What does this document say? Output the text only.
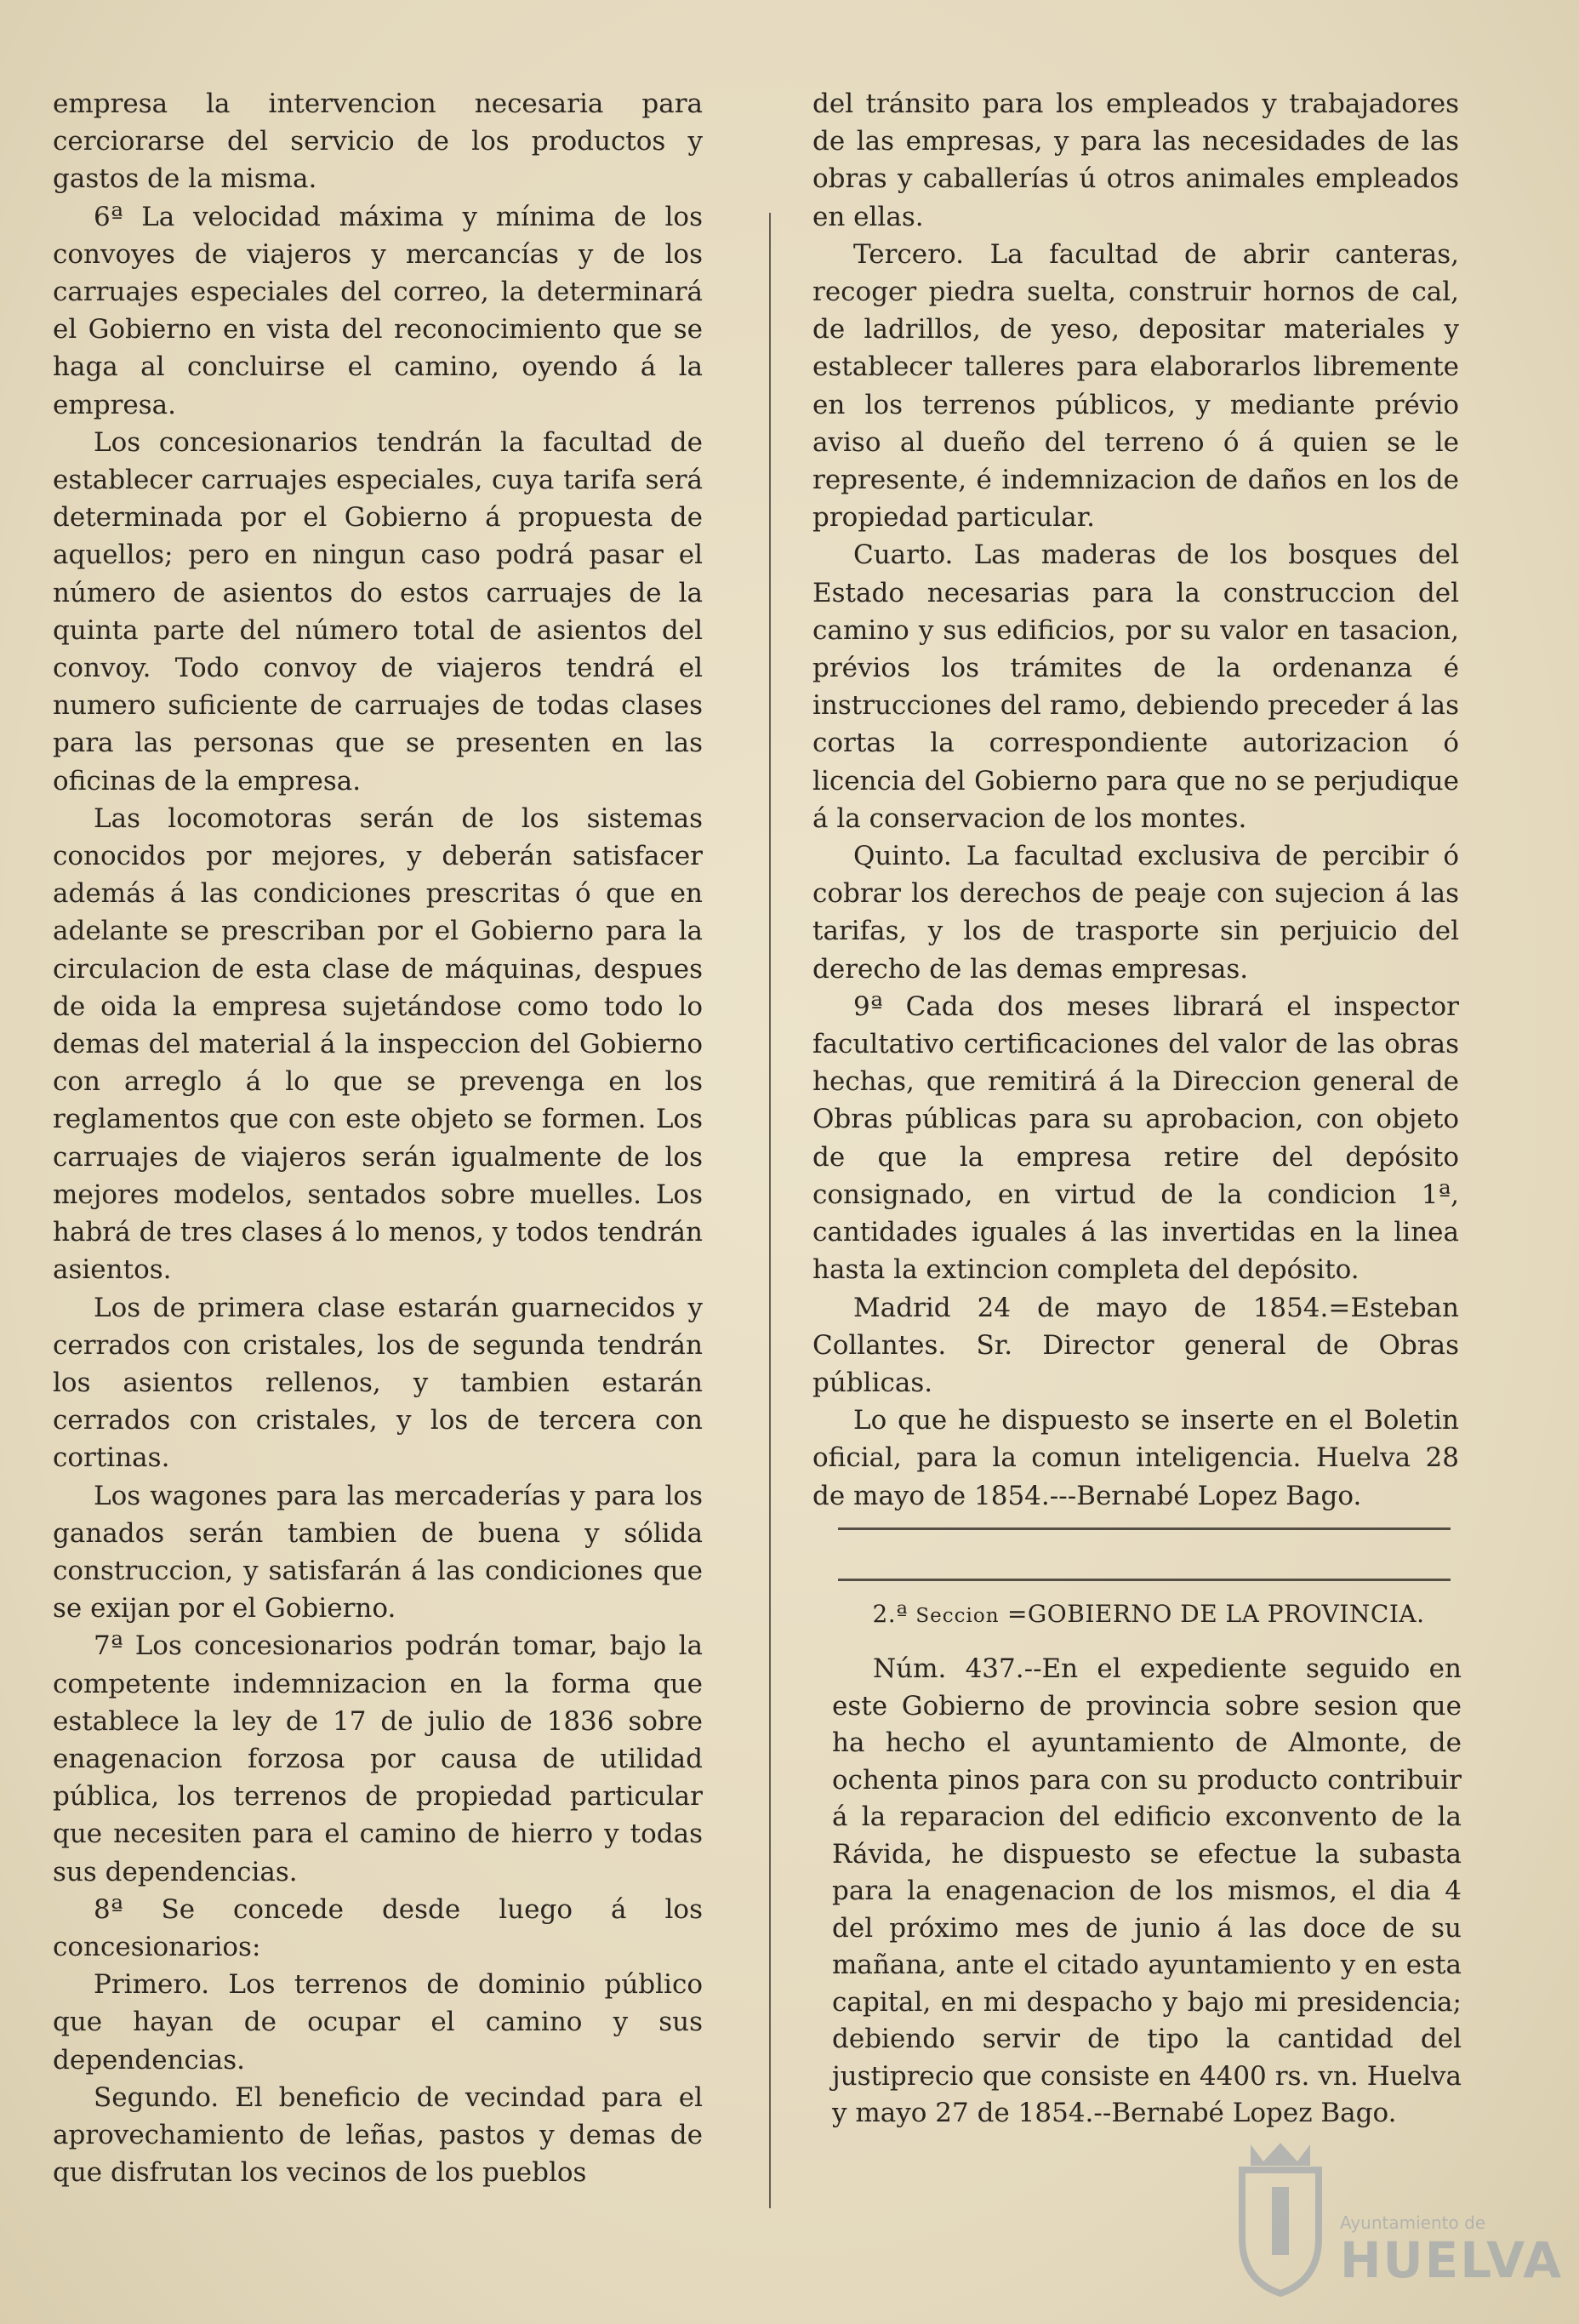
empresa la intervencion necesaria para cerciorarse del servicio de los productos y gastos de la misma.

6ª La velocidad máxima y mínima de los convoyes de viajeros y mercancías y de los carruajes especiales del correo, la determinará el Gobierno en vista del reconocimiento que se haga al concluirse el camino, oyendo á la empresa.

Los concesionarios tendrán la facultad de establecer carruajes especiales, cuya tarifa será determinada por el Gobierno á propuesta de aquellos; pero en ningun caso podrá pasar el número de asientos do estos carruajes de la quinta parte del número total de asientos del convoy. Todo convoy de viajeros tendrá el numero suficiente de carruajes de todas clases para las personas que se presenten en las oficinas de la empresa.

Las locomotoras serán de los sistemas conocidos por mejores, y deberán satisfacer además á las condiciones prescritas ó que en adelante se prescriban por el Gobierno para la circulacion de esta clase de máquinas, despues de oida la empresa sujetándose como todo lo demas del material á la inspeccion del Gobierno con arreglo á lo que se prevenga en los reglamentos que con este objeto se formen. Los carruajes de viajeros serán igualmente de los mejores modelos, sentados sobre muelles. Los habrá de tres clases á lo menos, y todos tendrán asientos.

Los de primera clase estarán guarnecidos y cerrados con cristales, los de segunda tendrán los asientos rellenos, y tambien estarán cerrados con cristales, y los de tercera con cortinas.

Los wagones para las mercaderías y para los ganados serán tambien de buena y sólida construccion, y satisfarán á las condiciones que se exijan por el Gobierno.

7ª Los concesionarios podrán tomar, bajo la competente indemnizacion en la forma que establece la ley de 17 de julio de 1836 sobre enagenacion forzosa por causa de utilidad pública, los terrenos de propiedad particular que necesiten para el camino de hierro y todas sus dependencias.

8ª Se concede desde luego á los concesionarios:

Primero. Los terrenos de dominio público que hayan de ocupar el camino y sus dependencias.

Segundo. El beneficio de vecindad para el aprovechamiento de leñas, pastos y demas de que disfrutan los vecinos de los pueblos

del tránsito para los empleados y trabajadores de las empresas, y para las necesidades de las obras y caballerías ú otros animales empleados en ellas.

Tercero. La facultad de abrir canteras, recoger piedra suelta, construir hornos de cal, de ladrillos, de yeso, depositar materiales y establecer talleres para elaborarlos libremente en los terrenos públicos, y mediante prévio aviso al dueño del terreno ó á quien se le represente, é indemnizacion de daños en los de propiedad particular.

Cuarto. Las maderas de los bosques del Estado necesarias para la construccion del camino y sus edificios, por su valor en tasacion, prévios los trámites de la ordenanza é instrucciones del ramo, debiendo preceder á las cortas la correspondiente autorizacion ó licencia del Gobierno para que no se perjudique á la conservacion de los montes.

Quinto. La facultad exclusiva de percibir ó cobrar los derechos de peaje con sujecion á las tarifas, y los de trasporte sin perjuicio del derecho de las demas empresas.

9ª Cada dos meses librará el inspector facultativo certificaciones del valor de las obras hechas, que remitirá á la Direccion general de Obras públicas para su aprobacion, con objeto de que la empresa retire del depósito consignado, en virtud de la condicion 1ª, cantidades iguales á las invertidas en la linea hasta la extincion completa del depósito.

Madrid 24 de mayo de 1854.=Esteban Collantes. Sr. Director general de Obras públicas.

Lo que he dispuesto se inserte en el Boletin oficial, para la comun inteligencia. Huelva 28 de mayo de 1854.---Bernabé Lopez Bago.

2.ª Seccion =GOBIERNO DE LA PROVINCIA.

Núm. 437.--En el expediente seguido en este Gobierno de provincia sobre sesion que ha hecho el ayuntamiento de Almonte, de ochenta pinos para con su producto contribuir á la reparacion del edificio exconvento de la Rávida, he dispuesto se efectue la subasta para la enagenacion de los mismos, el dia 4 del próximo mes de junio á las doce de su mañana, ante el citado ayuntamiento y en esta capital, en mi despacho y bajo mi presidencia; debiendo servir de tipo la cantidad del justiprecio que consiste en 4400 rs. vn. Huelva y mayo 27 de 1854.--Bernabé Lopez Bago.

Ayuntamiento de
HUELVA
